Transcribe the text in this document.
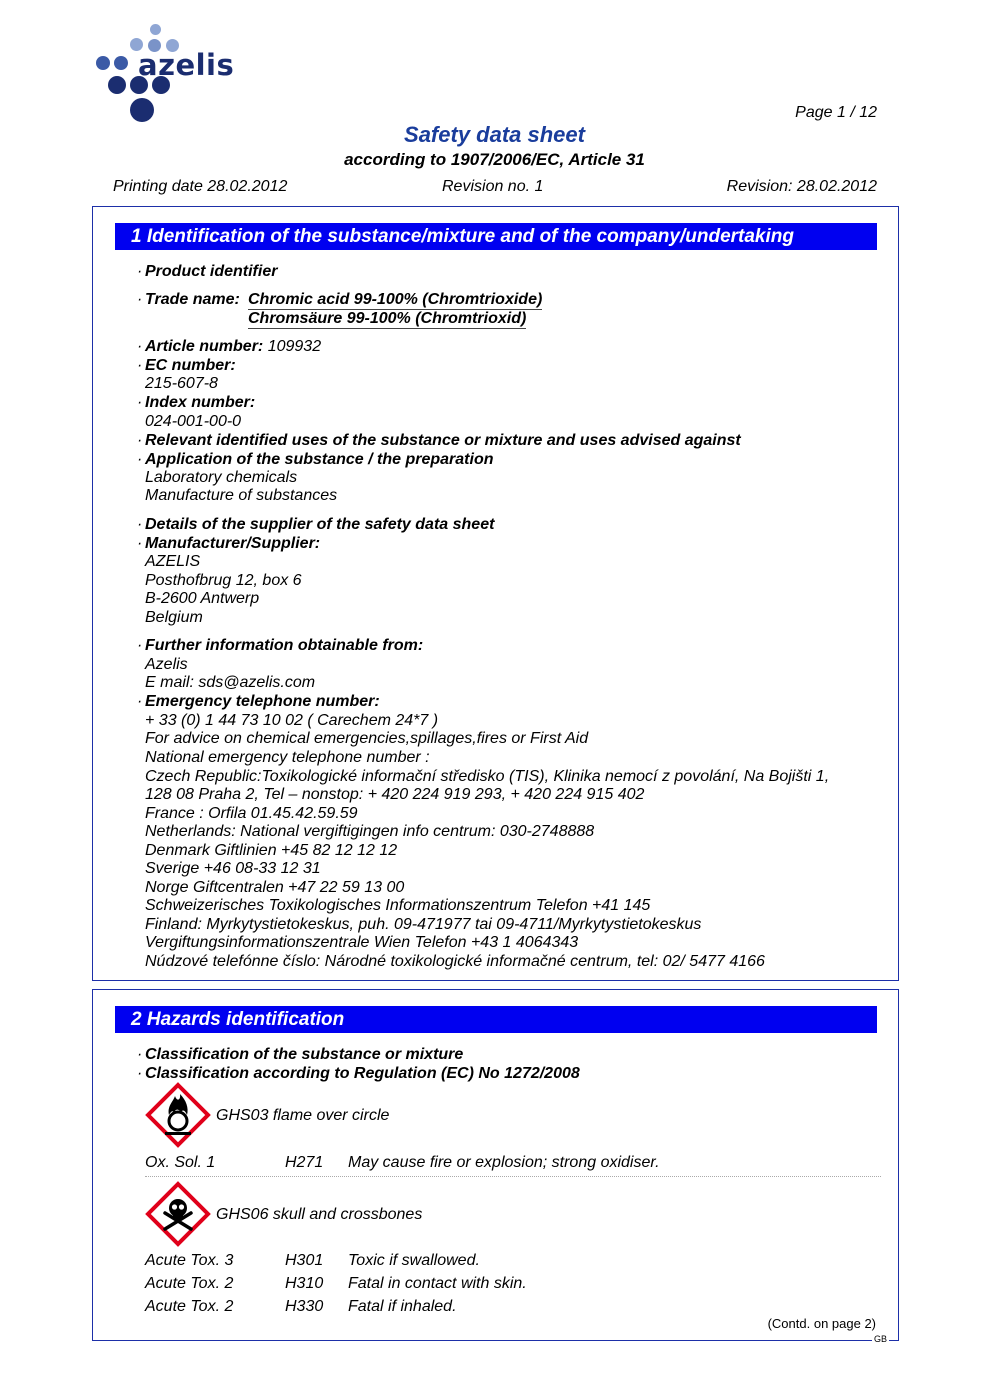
azelis
Page 1 / 12
Safety data sheet
according to 1907/2006/EC, Article 31
Printing date 28.02.2012	Revision no. 1	Revision: 28.02.2012
1 Identification of the substance/mixture and of the company/undertaking
· Product identifier
· Trade name: Chromic acid 99-100% (Chromtrioxide)
Chromsäure 99-100% (Chromtrioxid)
· Article number: 109932
· EC number:
215-607-8
· Index number:
024-001-00-0
· Relevant identified uses of the substance or mixture and uses advised against
· Application of the substance / the preparation
Laboratory chemicals
Manufacture of substances
· Details of the supplier of the safety data sheet
· Manufacturer/Supplier:
AZELIS
Posthofbrug 12, box 6
B-2600 Antwerp
Belgium
· Further information obtainable from:
Azelis
E mail: sds@azelis.com
· Emergency telephone number:
+ 33 (0) 1 44 73 10 02 ( Carechem 24*7 )
For advice on chemical emergencies,spillages,fires or First Aid
National emergency telephone number :
Czech Republic:Toxikologické informační středisko (TIS), Klinika nemocí z povolání, Na Bojišti 1,
128 08 Praha 2, Tel – nonstop: + 420 224 919 293, + 420 224 915 402
France : Orfila 01.45.42.59.59
Netherlands: National vergiftigingen info centrum: 030-2748888
Denmark Giftlinien +45 82 12 12 12
Sverige +46 08-33 12 31
Norge Giftcentralen +47 22 59 13 00
Schweizerisches Toxikologisches Informationszentrum Telefon +41 145
Finland: Myrkytystietokeskus, puh. 09-471977 tai 09-4711/Myrkytystietokeskus
Vergiftungsinformationszentrale Wien Telefon +43 1 4064343
Núdzové telefónne číslo: Národné toxikologické informačné centrum, tel: 02/ 5477 4166
2 Hazards identification
· Classification of the substance or mixture
· Classification according to Regulation (EC) No 1272/2008
GHS03 flame over circle
Ox. Sol. 1	H271 May cause fire or explosion; strong oxidiser.
GHS06 skull and crossbones
Acute Tox. 3	H301 Toxic if swallowed.
Acute Tox. 2	H310 Fatal in contact with skin.
Acute Tox. 2	H330 Fatal if inhaled.
(Contd. on page 2)
GB
